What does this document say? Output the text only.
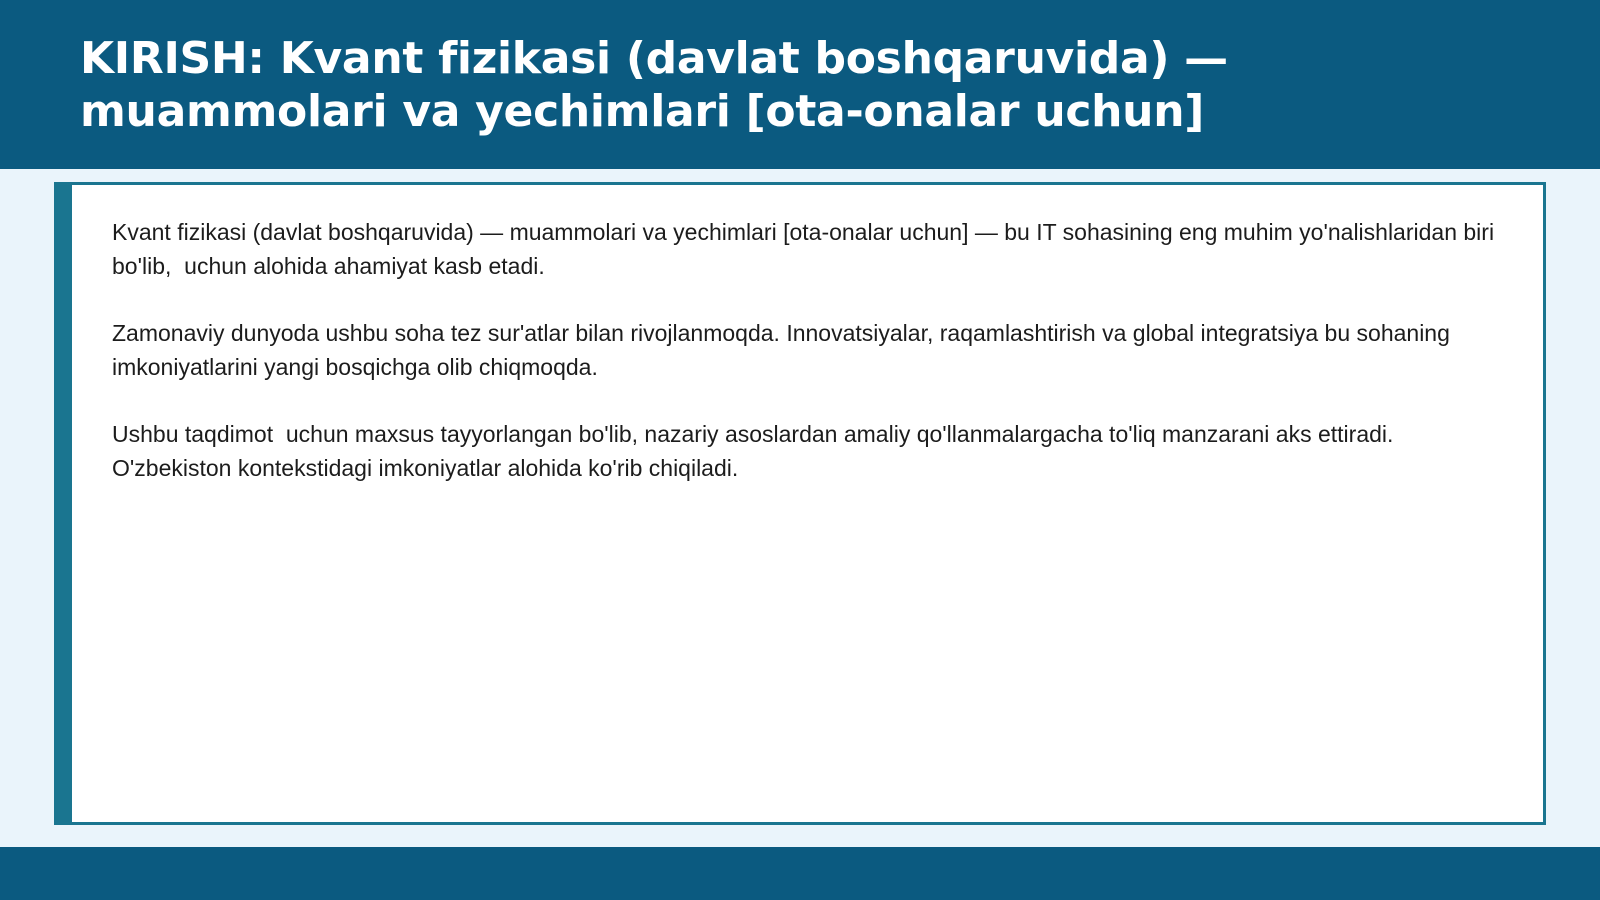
KIRISH: Kvant fizikasi (davlat boshqaruvida) — muammolari va yechimlari [ota-onalar uchun]

Kvant fizikasi (davlat boshqaruvida) — muammolari va yechimlari [ota-onalar uchun] — bu IT sohasining eng muhim yo'nalishlaridan biri bo'lib,  uchun alohida ahamiyat kasb etadi.

Zamonaviy dunyoda ushbu soha tez sur'atlar bilan rivojlanmoqda. Innovatsiyalar, raqamlashtirish va global integratsiya bu sohaning imkoniyatlarini yangi bosqichga olib chiqmoqda.

Ushbu taqdimot  uchun maxsus tayyorlangan bo'lib, nazariy asoslardan amaliy qo'llanmalargacha to'liq manzarani aks ettiradi. O'zbekiston kontekstidagi imkoniyatlar alohida ko'rib chiqiladi.
